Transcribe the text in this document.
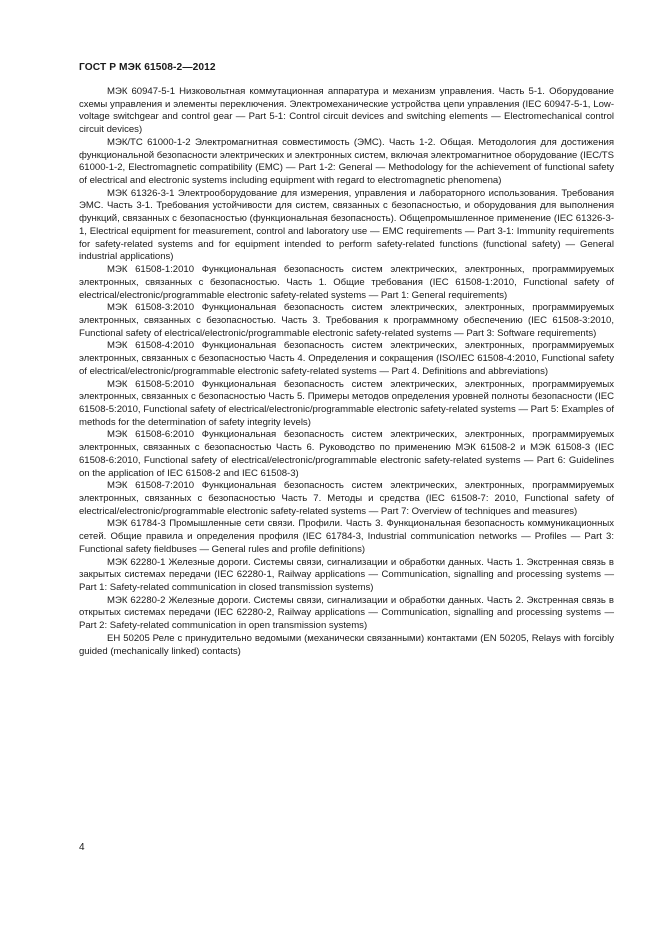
ГОСТ Р МЭК 61508-2—2012

МЭК 60947-5-1 Низковольтная коммутационная аппаратура и механизм управления. Часть 5-1. Оборудование схемы управления и элементы переключения. Электромеханические устройства цепи управления (IEC 60947-5-1, Low-voltage switchgear and control gear — Part 5-1: Control circuit devices and switching elements — Electromechanical control circuit devices)

МЭК/ТС 61000-1-2 Электромагнитная совместимость (ЭМС). Часть 1-2. Общая. Методология для достижения функциональной безопасности электрических и электронных систем, включая электромагнитное оборудование (IEC/TS 61000-1-2, Electromagnetic compatibility (EMC) — Part 1-2: General — Methodology for the achievement of functional safety of electrical and electronic systems including equipment with regard to electromagnetic phenomena)

МЭК 61326-3-1 Электрооборудование для измерения, управления и лабораторного использования. Требования ЭМС. Часть 3-1. Требования устойчивости для систем, связанных с безопасностью, и оборудования для выполнения функций, связанных с безопасностью (функциональная безопасность). Общепромышленное применение (IEC 61326-3-1, Electrical equipment for measurement, control and laboratory use — EMC requirements — Part 3-1: Immunity requirements for safety-related systems and for equipment intended to perform safety-related functions (functional safety) — General industrial applications)

МЭК 61508-1:2010 Функциональная безопасность систем электрических, электронных, программируемых электронных, связанных с безопасностью. Часть 1. Общие требования (IEC 61508-1:2010, Functional safety of electrical/electronic/programmable electronic safety-related systems — Part 1: General requirements)

МЭК 61508-3:2010 Функциональная безопасность систем электрических, электронных, программируемых электронных, связанных с безопасностью. Часть 3. Требования к программному обеспечению (IEC 61508-3:2010, Functional safety of electrical/electronic/programmable electronic safety-related systems — Part 3: Software requirements)

МЭК 61508-4:2010 Функциональная безопасность систем электрических, электронных, программируемых электронных, связанных с безопасностью Часть 4. Определения и сокращения (ISO/IEC 61508-4:2010, Functional safety of electrical/electronic/programmable electronic safety-related systems — Part 4. Definitions and abbreviations)

МЭК 61508-5:2010 Функциональная безопасность систем электрических, электронных, программируемых электронных, связанных с безопасностью Часть 5. Примеры методов определения уровней полноты безопасности (IEC 61508-5:2010, Functional safety of electrical/electronic/programmable electronic safety-related systems — Part 5: Examples of methods for the determination of safety integrity levels)

МЭК 61508-6:2010 Функциональная безопасность систем электрических, электронных, программируемых электронных, связанных с безопасностью Часть 6. Руководство по применению МЭК 61508-2 и МЭК 61508-3 (IEC 61508-6:2010, Functional safety of electrical/electronic/programmable electronic safety-related systems — Part 6: Guidelines on the application of IEC 61508-2 and IEC 61508-3)

МЭК 61508-7:2010 Функциональная безопасность систем электрических, электронных, программируемых электронных, связанных с безопасностью Часть 7. Методы и средства (IEC 61508-7: 2010, Functional safety of electrical/electronic/programmable electronic safety-related systems — Part 7: Overview of techniques and measures)

МЭК 61784-3 Промышленные сети связи. Профили. Часть 3. Функциональная безопасность коммуникационных сетей. Общие правила и определения профиля (IEC 61784-3, Industrial communication networks — Profiles — Part 3: Functional safety fieldbuses — General rules and profile definitions)

МЭК 62280-1 Железные дороги. Системы связи, сигнализации и обработки данных. Часть 1. Экстренная связь в закрытых системах передачи (IEC 62280-1, Railway applications — Communication, signalling and processing systems — Part 1: Safety-related communication in closed transmission systems)

МЭК 62280-2 Железные дороги. Системы связи, сигнализации и обработки данных. Часть 2. Экстренная связь в открытых системах передачи (IEC 62280-2, Railway applications — Communication, signalling and processing systems — Part 2: Safety-related communication in open transmission systems)

EH 50205 Реле с принудительно ведомыми (механически связанными) контактами (EN 50205, Relays with forcibly guided (mechanically linked) contacts)

4
